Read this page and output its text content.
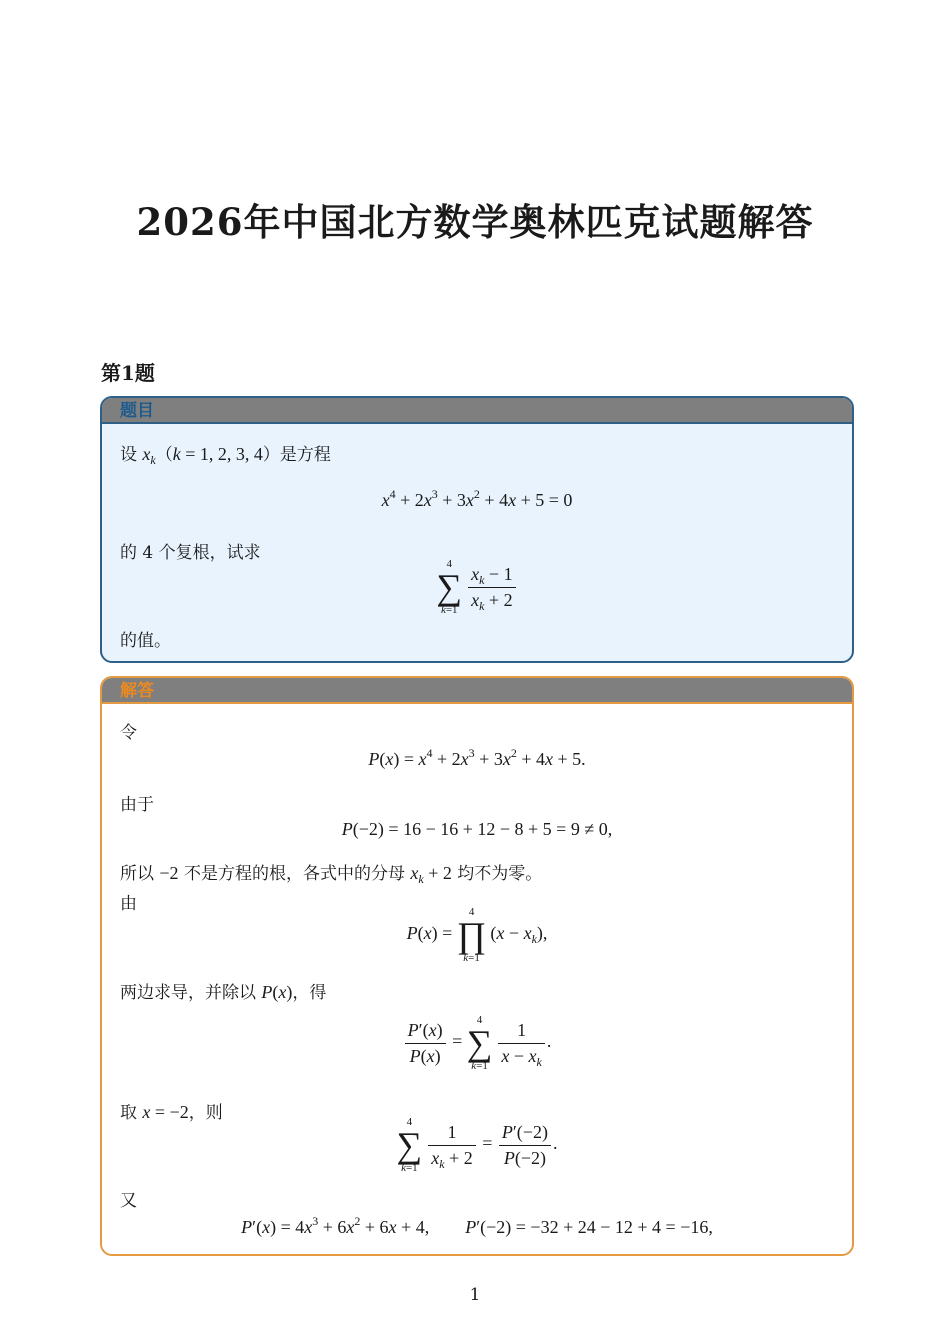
2026年中国北方数学奥林匹克试题解答
第1题
题目
设 $x_k(k = 1$, 2, 3, 4）是方程
$x^4 + 2x^3 + 3x^2 + 4x + 5 = 0$
的 4 个复根，试求
4
∑
$k=1 \frac{x_k - 1}{x_k + 2}$
的值。
解答
令
$P(x) = x^4 + 2x^3 + 3x^2 + 4x + 5$.
由于
P(−2) = 16 − 16 + 12 − 8 + 5 = 9 ≠ 0,
所以 −2 不是方程的根，各式中的分母 $x_k + 2$ 均不为零。
由
P(x) =
4
∏
k=1
$(x - x_k)$,
两边求导，并除以 P(x)，得
$\frac{P'(x)}{P(x)}$ =
4
∑
$k=1 \frac{1}{x - x_k}$ .
取 x = −2，则	4
∑
$k=1 \frac{1}{x_k + 2} = \frac{P'(-2)}{P(-2)}$ .
又
$P'(x) = 4x^3 + 6x^2 + 6x + 4$,        P′(−2) = −32 + 24 − 12 + 4 = −16,
1
